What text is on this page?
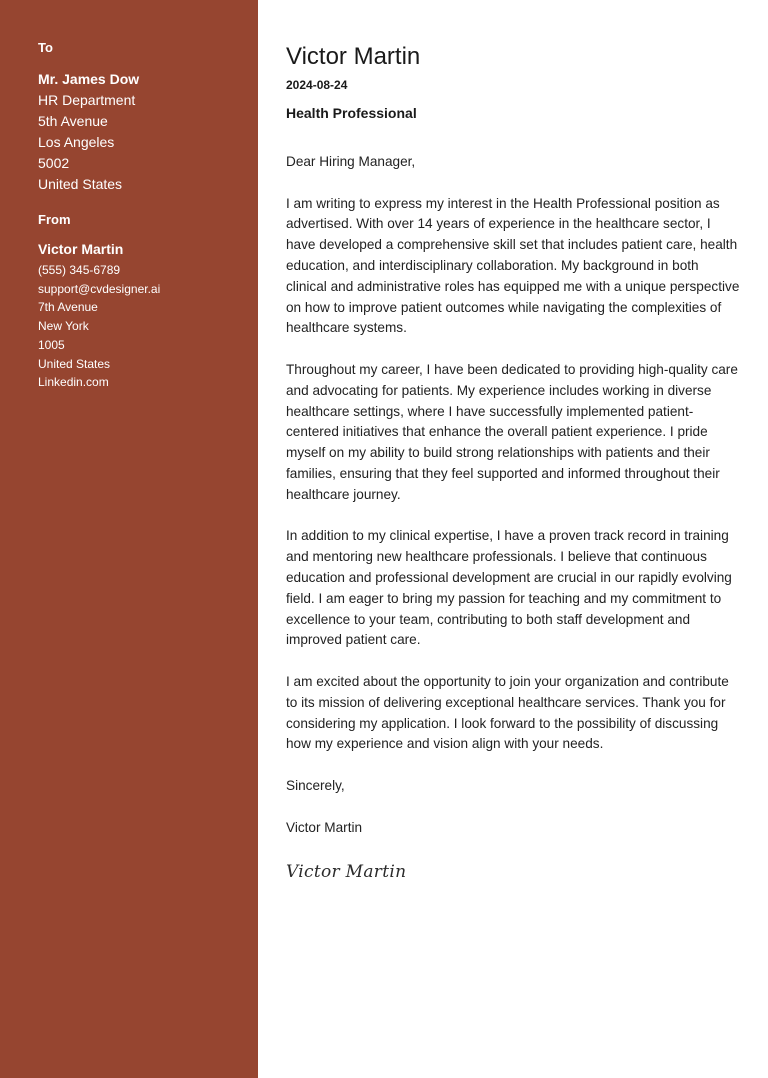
To
Mr. James Dow
HR Department
5th Avenue
Los Angeles
5002
United States
From
Victor Martin
(555) 345-6789
support@cvdesigner.ai
7th Avenue
New York
1005
United States
Linkedin.com
Victor Martin
2024-08-24
Health Professional

Dear Hiring Manager,

I am writing to express my interest in the Health Professional position as advertised. With over 14 years of experience in the healthcare sector, I have developed a comprehensive skill set that includes patient care, health education, and interdisciplinary collaboration. My background in both clinical and administrative roles has equipped me with a unique perspective on how to improve patient outcomes while navigating the complexities of healthcare systems.

Throughout my career, I have been dedicated to providing high-quality care and advocating for patients. My experience includes working in diverse healthcare settings, where I have successfully implemented patient-centered initiatives that enhance the overall patient experience. I pride myself on my ability to build strong relationships with patients and their families, ensuring that they feel supported and informed throughout their healthcare journey.

In addition to my clinical expertise, I have a proven track record in training and mentoring new healthcare professionals. I believe that continuous education and professional development are crucial in our rapidly evolving field. I am eager to bring my passion for teaching and my commitment to excellence to your team, contributing to both staff development and improved patient care.

I am excited about the opportunity to join your organization and contribute to its mission of delivering exceptional healthcare services. Thank you for considering my application. I look forward to the possibility of discussing how my experience and vision align with your needs.

Sincerely,

Victor Martin

Victor Martin
